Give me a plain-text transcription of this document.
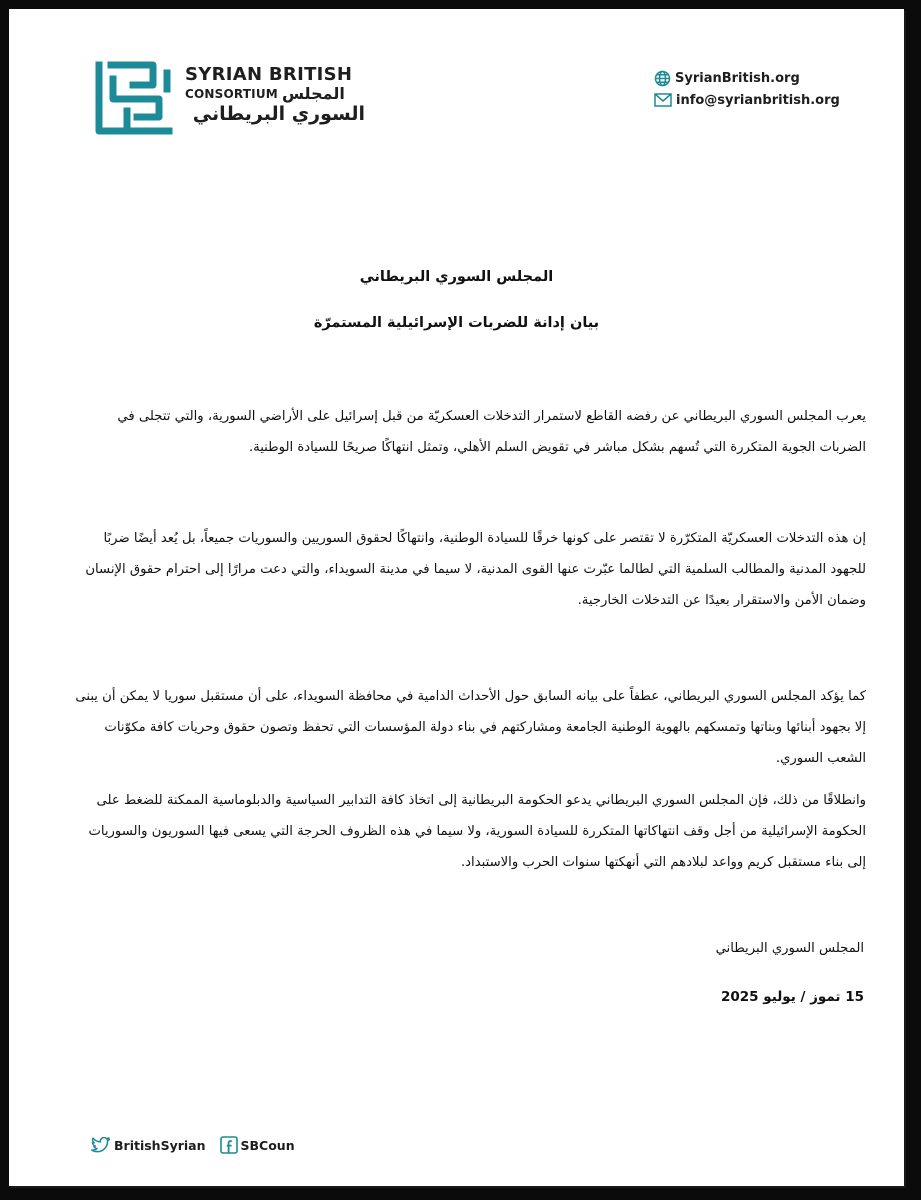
SYRIAN BRITISH
CONSORTIUM المجلس
السوري البريطاني
SyrianBritish.org
info@syrianbritish.org
المجلس السوري البريطاني
بيان إدانة للضربات الإسرائيلية المستمرّة
يعرب المجلس السوري البريطاني عن رفضه القاطع لاستمرار التدخلات العسكريّة من قبل إسرائيل على الأراضي السورية، والتي تتجلى في الضربات الجوية المتكررة التي تُسهم بشكل مباشر في تقويض السلم الأهلي، وتمثل انتهاكًا صريحًا للسيادة الوطنية.
إن هذه التدخلات العسكريّة المتكرّرة لا تقتصر على كونها خرقًا للسيادة الوطنية، وانتهاكًا لحقوق السوريين والسوريات جميعاً، بل يُعد أيضًا ضربًا للجهود المدنية والمطالب السلمية التي لطالما عبّرت عنها القوى المدنية، لا سيما في مدينة السويداء، والتي دعت مرارًا إلى احترام حقوق الإنسان وضمان الأمن والاستقرار بعيدًا عن التدخلات الخارجية.
كما يؤكد المجلس السوري البريطاني، عطفاً على بيانه السابق حول الأحداث الدامية في محافظة السويداء، على أن مستقبل سوريا لا يمكن أن يبنى إلا بجهود أبنائها وبناتها وتمسكهم بالهوية الوطنية الجامعة ومشاركتهم في بناء دولة المؤسسات التي تحفظ وتصون حقوق وحريات كافة مكوّنات الشعب السوري.
وانطلاقًا من ذلك، فإن المجلس السوري البريطاني يدعو الحكومة البريطانية إلى اتخاذ كافة التدابير السياسية والدبلوماسية الممكنة للضغط على الحكومة الإسرائيلية من أجل وقف انتهاكاتها المتكررة للسيادة السورية، ولا سيما في هذه الظروف الحرجة التي يسعى فيها السوريون والسوريات إلى بناء مستقبل كريم وواعد لبلادهم التي أنهكتها سنوات الحرب والاستبداد.
المجلس السوري البريطاني
15 تموز / يوليو 2025
BritishSyrian	SBCoun
